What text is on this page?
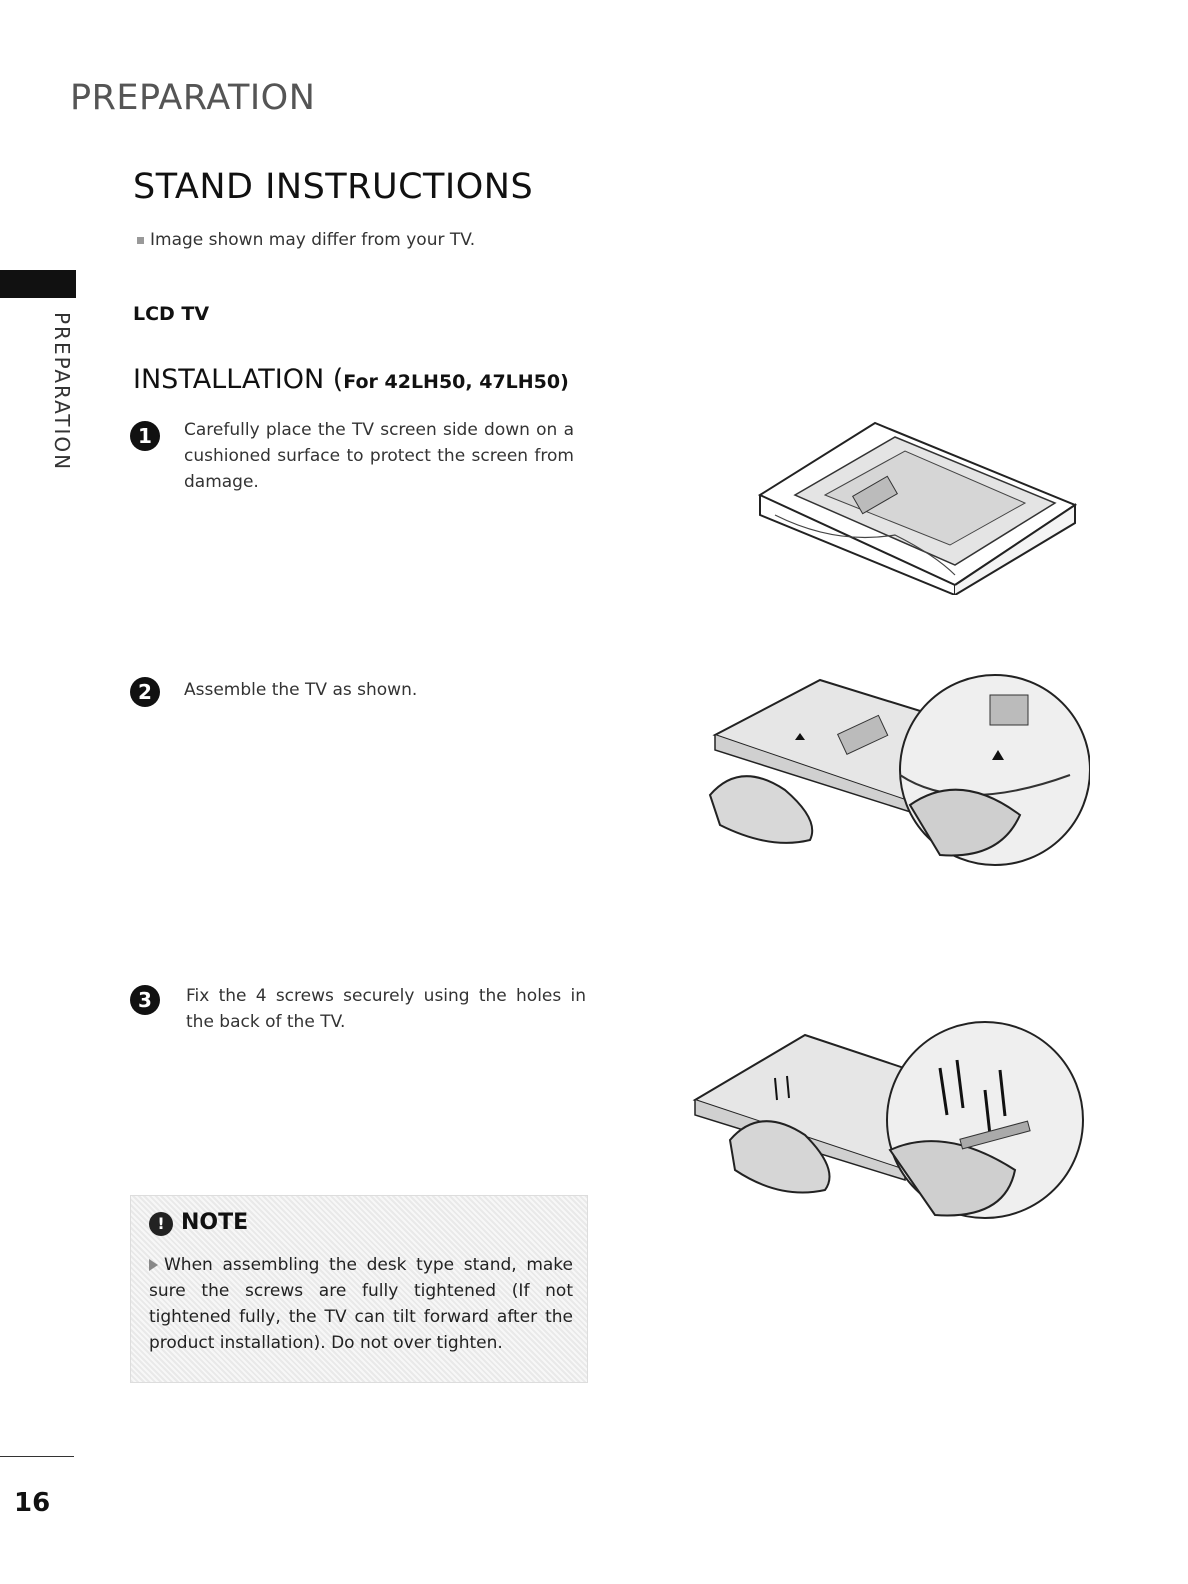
PREPARATION
PREPARATION
STAND INSTRUCTIONS
Image shown may differ from your TV.
LCD TV
INSTALLATION (For 42LH50, 47LH50)
1	Carefully place the TV screen side down on a cushioned surface to protect the screen from damage.
2	Assemble the TV as shown.
3	Fix the 4 screws securely using the holes in the back of the TV.
! NOTE
When assembling the desk type stand, make sure the screws are fully tightened (If not tightened fully, the TV can tilt forward after the product installation). Do not over tighten.
16
